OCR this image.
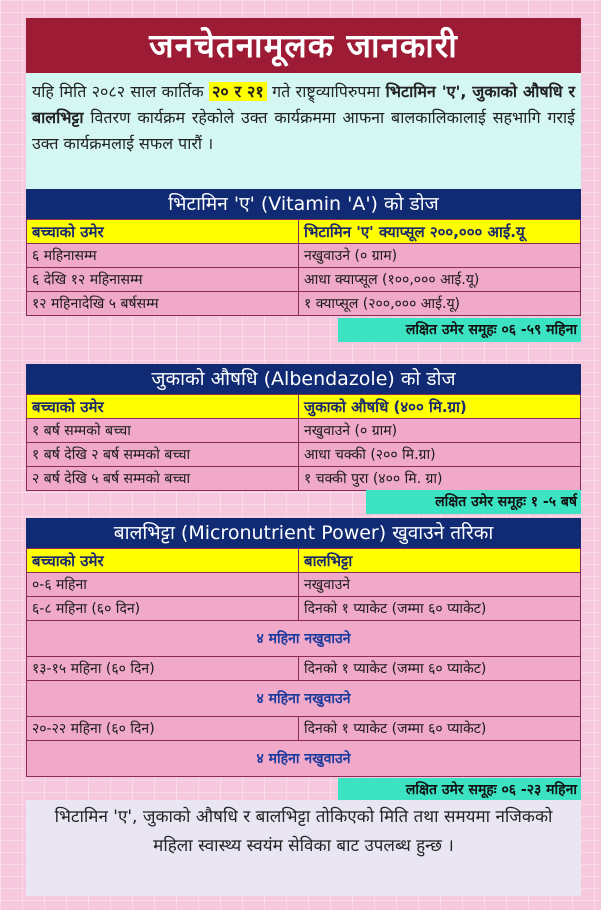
जनचेतनामूलक जानकारी
यहि मिति २०८२ साल कार्तिक २० र २१ गते राष्ट्र्व्यापिरुपमा भिटामिन 'ए', जुकाको औषधि र बालभिट्टा वितरण कार्यक्रम रहेकोले उक्त कार्यक्रममा आफना बालकालिकालाई सहभागि गराई उक्त कार्यक्रमलाई सफल पारौं ।
भिटामिन 'ए' (Vitamin 'A') को डोज
बच्चाको उमेर	भिटामिन 'ए' क्याप्सूल २००,००० आई.यू
६ महिनासम्म	नखुवाउने (० ग्राम)
६ देखि १२ महिनासम्म	आधा क्याप्सूल (१००,००० आई.यू)
१२ महिनादेखि ५ बर्षसम्म	१ क्याप्सूल (२००,००० आई.यू)
लक्षित उमेर समूहः ०६ -५९ महिना
जुकाको औषधि (Albendazole) को डोज
बच्चाको उमेर	जुकाको औषधि (४०० मि.ग्रा)
१ बर्ष सम्मको बच्चा	नखुवाउने (० ग्राम)
१ बर्ष देखि २ बर्ष सम्मको बच्चा	आधा चक्की (२०० मि.ग्रा)
२ बर्ष देखि ५ बर्ष सम्मको बच्चा	१ चक्की पुरा (४०० मि. ग्रा)
लक्षित उमेर समूहः १ -५ बर्ष
बालभिट्टा (Micronutrient Power) खुवाउने तरिका
बच्चाको उमेर	बालभिट्टा
०-६ महिना	नखुवाउने
६-८ महिना (६० दिन)	दिनको १ प्याकेट (जम्मा ६० प्याकेट)
४ महिना नखुवाउने	
१३-१५ महिना (६० दिन)	दिनको १ प्याकेट (जम्मा ६० प्याकेट)
४ महिना नखुवाउने	
२०-२२ महिना (६० दिन)	दिनको १ प्याकेट (जम्मा ६० प्याकेट)
४ महिना नखुवाउने	
लक्षित उमेर समूहः ०६ -२३ महिना
भिटामिन 'ए', जुकाको औषधि र बालभिट्टा तोकिएको मिति तथा समयमा नजिकको महिला स्वास्थ्य स्वयंम सेविका बाट उपलब्ध हुन्छ ।
